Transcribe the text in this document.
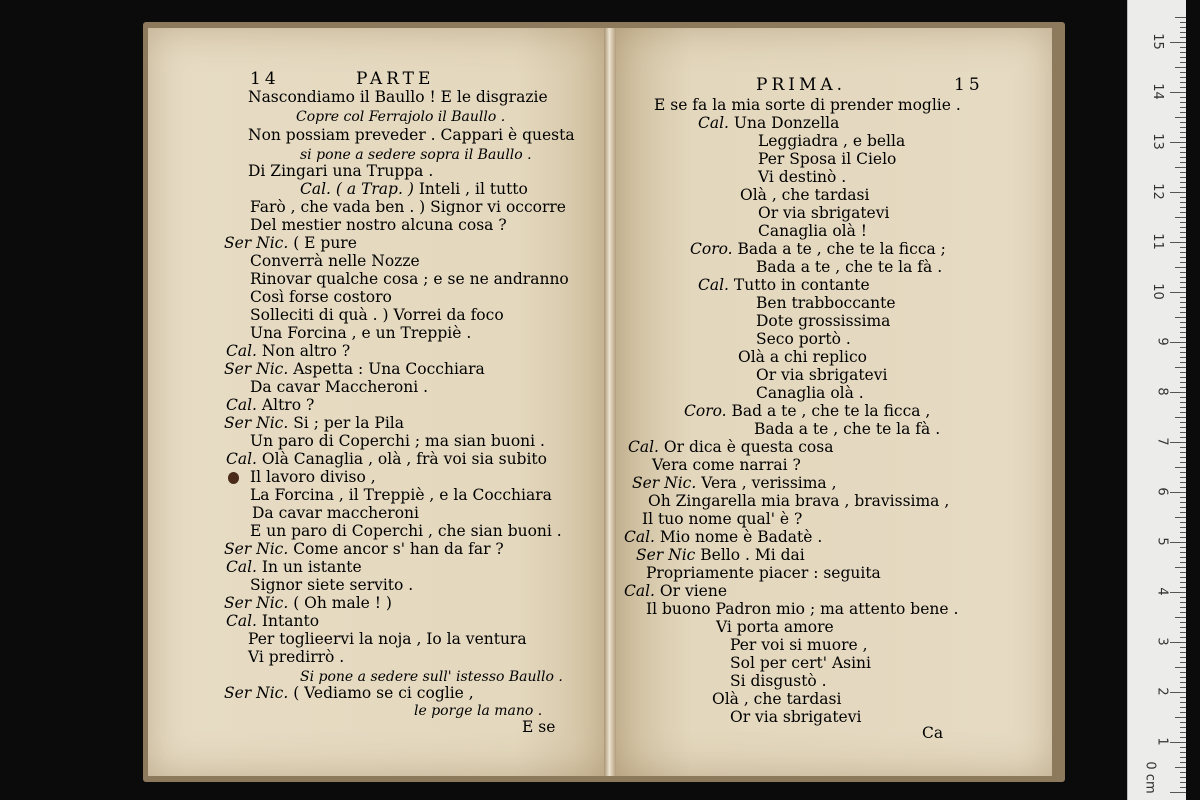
14	PARTE	PRIMA.	15
Nascondiamo il Baullo ! E le disgrazie
Copre col Ferrajolo il Baullo .
Non possiam preveder . Cappari è questa
si pone a sedere sopra il Baullo .
Di Zingari una Truppa .
Cal. ( a Trap. ) Inteli , il tutto
Farò , che vada ben . ) Signor vi occorre
Del mestier nostro alcuna cosa ?
Ser Nic. ( E pure
Converrà nelle Nozze
Rinovar qualche cosa ; e se ne andranno
Così forse costoro
Solleciti di quà . ) Vorrei da foco
Una Forcina , e un Treppiè .
Cal. Non altro ?
Ser Nic. Aspetta : Una Cocchiara
Da cavar Maccheroni .
Cal. Altro ?
Ser Nic. Si ; per la Pila
Un paro di Coperchi ; ma sian buoni .
Cal. Olà Canaglia , olà , frà voi sia subito
Il lavoro diviso ,
La Forcina , il Treppiè , e la Cocchiara
Da cavar maccheroni
E un paro di Coperchi , che sian buoni .
Ser Nic. Come ancor s' han da far ?
Cal. In un istante
Signor siete servito .
Ser Nic. ( Oh male ! )
Cal. Intanto
Per toglieervi la noja , Io la ventura
Vi predirrò .
Si pone a sedere sull' istesso Baullo .
Ser Nic. ( Vediamo se ci coglie ,
le porge la mano .
E se
E se fa la mia sorte di prender moglie .
Cal. Una Donzella
Leggiadra , e bella
Per Sposa il Cielo
Vi destinò .
Olà , che tardasi
Or via sbrigatevi
Canaglia olà !
Coro. Bada a te , che te la ficca ;
Bada a te , che te la fà .
Cal. Tutto in contante
Ben trabboccante
Dote grossissima
Seco portò .
Olà a chi replico
Or via sbrigatevi
Canaglia olà .
Coro. Bad a te , che te la ficca ,
Bada a te , che te la fà .
Cal. Or dica è questa cosa
Vera come narrai ?
Ser Nic. Vera , verissima ,
Oh Zingarella mia brava , bravissima ,
Il tuo nome qual' è ?
Cal. Mio nome è Badatè .
Ser Nic Bello . Mi dai
Propriamente piacer : seguita
Cal. Or viene
Il buono Padron mio ; ma attento bene .
Vi porta amore
Per voi si muore ,
Sol per cert' Asini
Si disgustò .
Olà , che tardasi
Or via sbrigatevi
Ca
0 cm
1
2
3
4
5
6
7
8
9
10
11
12
13
14
15
